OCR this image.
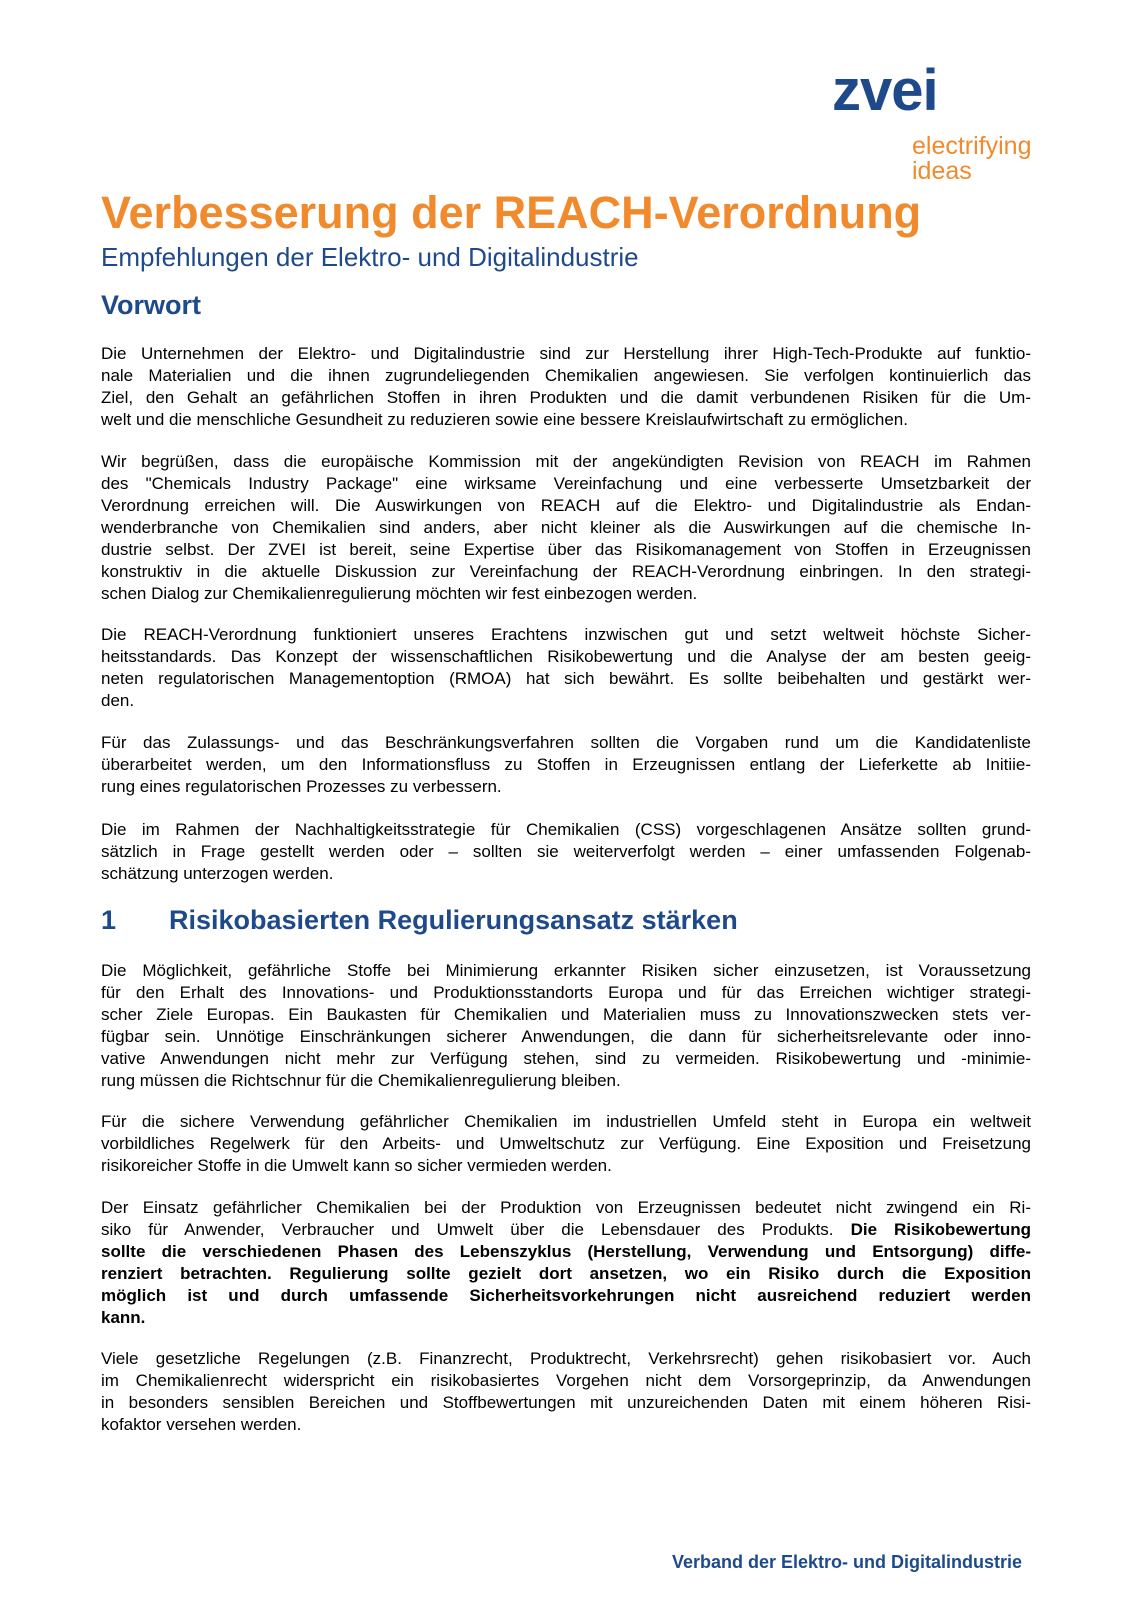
zvei
electrifying
ideas
Verbesserung der REACH-Verordnung
Empfehlungen der Elektro- und Digitalindustrie
Vorwort
Die Unternehmen der Elektro- und Digitalindustrie sind zur Herstellung ihrer High-Tech-Produkte auf funktio-
nale Materialien und die ihnen zugrundeliegenden Chemikalien angewiesen. Sie verfolgen kontinuierlich das
Ziel, den Gehalt an gefährlichen Stoffen in ihren Produkten und die damit verbundenen Risiken für die Um-
welt und die menschliche Gesundheit zu reduzieren sowie eine bessere Kreislaufwirtschaft zu ermöglichen.
Wir begrüßen, dass die europäische Kommission mit der angekündigten Revision von REACH im Rahmen
des "Chemicals Industry Package" eine wirksame Vereinfachung und eine verbesserte Umsetzbarkeit der
Verordnung erreichen will. Die Auswirkungen von REACH auf die Elektro- und Digitalindustrie als Endan-
wenderbranche von Chemikalien sind anders, aber nicht kleiner als die Auswirkungen auf die chemische In-
dustrie selbst. Der ZVEI ist bereit, seine Expertise über das Risikomanagement von Stoffen in Erzeugnissen
konstruktiv in die aktuelle Diskussion zur Vereinfachung der REACH-Verordnung einbringen. In den strategi-
schen Dialog zur Chemikalienregulierung möchten wir fest einbezogen werden.
Die REACH-Verordnung funktioniert unseres Erachtens inzwischen gut und setzt weltweit höchste Sicher-
heitsstandards. Das Konzept der wissenschaftlichen Risikobewertung und die Analyse der am besten geeig-
neten regulatorischen Managementoption (RMOA) hat sich bewährt. Es sollte beibehalten und gestärkt wer-
den.
Für das Zulassungs- und das Beschränkungsverfahren sollten die Vorgaben rund um die Kandidatenliste
überarbeitet werden, um den Informationsfluss zu Stoffen in Erzeugnissen entlang der Lieferkette ab Initiie-
rung eines regulatorischen Prozesses zu verbessern.
Die im Rahmen der Nachhaltigkeitsstrategie für Chemikalien (CSS) vorgeschlagenen Ansätze sollten grund-
sätzlich in Frage gestellt werden oder – sollten sie weiterverfolgt werden – einer umfassenden Folgenab-
schätzung unterzogen werden.
1 Risikobasierten Regulierungsansatz stärken
Die Möglichkeit, gefährliche Stoffe bei Minimierung erkannter Risiken sicher einzusetzen, ist Voraussetzung
für den Erhalt des Innovations- und Produktionsstandorts Europa und für das Erreichen wichtiger strategi-
scher Ziele Europas. Ein Baukasten für Chemikalien und Materialien muss zu Innovationszwecken stets ver-
fügbar sein. Unnötige Einschränkungen sicherer Anwendungen, die dann für sicherheitsrelevante oder inno-
vative Anwendungen nicht mehr zur Verfügung stehen, sind zu vermeiden. Risikobewertung und -minimie-
rung müssen die Richtschnur für die Chemikalienregulierung bleiben.
Für die sichere Verwendung gefährlicher Chemikalien im industriellen Umfeld steht in Europa ein weltweit
vorbildliches Regelwerk für den Arbeits- und Umweltschutz zur Verfügung. Eine Exposition und Freisetzung
risikoreicher Stoffe in die Umwelt kann so sicher vermieden werden.
Der Einsatz gefährlicher Chemikalien bei der Produktion von Erzeugnissen bedeutet nicht zwingend ein Ri-
siko für Anwender, Verbraucher und Umwelt über die Lebensdauer des Produkts. Die Risikobewertung
sollte die verschiedenen Phasen des Lebenszyklus (Herstellung, Verwendung und Entsorgung) diffe-
renziert betrachten. Regulierung sollte gezielt dort ansetzen, wo ein Risiko durch die Exposition
möglich ist und durch umfassende Sicherheitsvorkehrungen nicht ausreichend reduziert werden
kann.
Viele gesetzliche Regelungen (z.B. Finanzrecht, Produktrecht, Verkehrsrecht) gehen risikobasiert vor. Auch
im Chemikalienrecht widerspricht ein risikobasiertes Vorgehen nicht dem Vorsorgeprinzip, da Anwendungen
in besonders sensiblen Bereichen und Stoffbewertungen mit unzureichenden Daten mit einem höheren Risi-
kofaktor versehen werden.
Verband der Elektro- und Digitalindustrie
